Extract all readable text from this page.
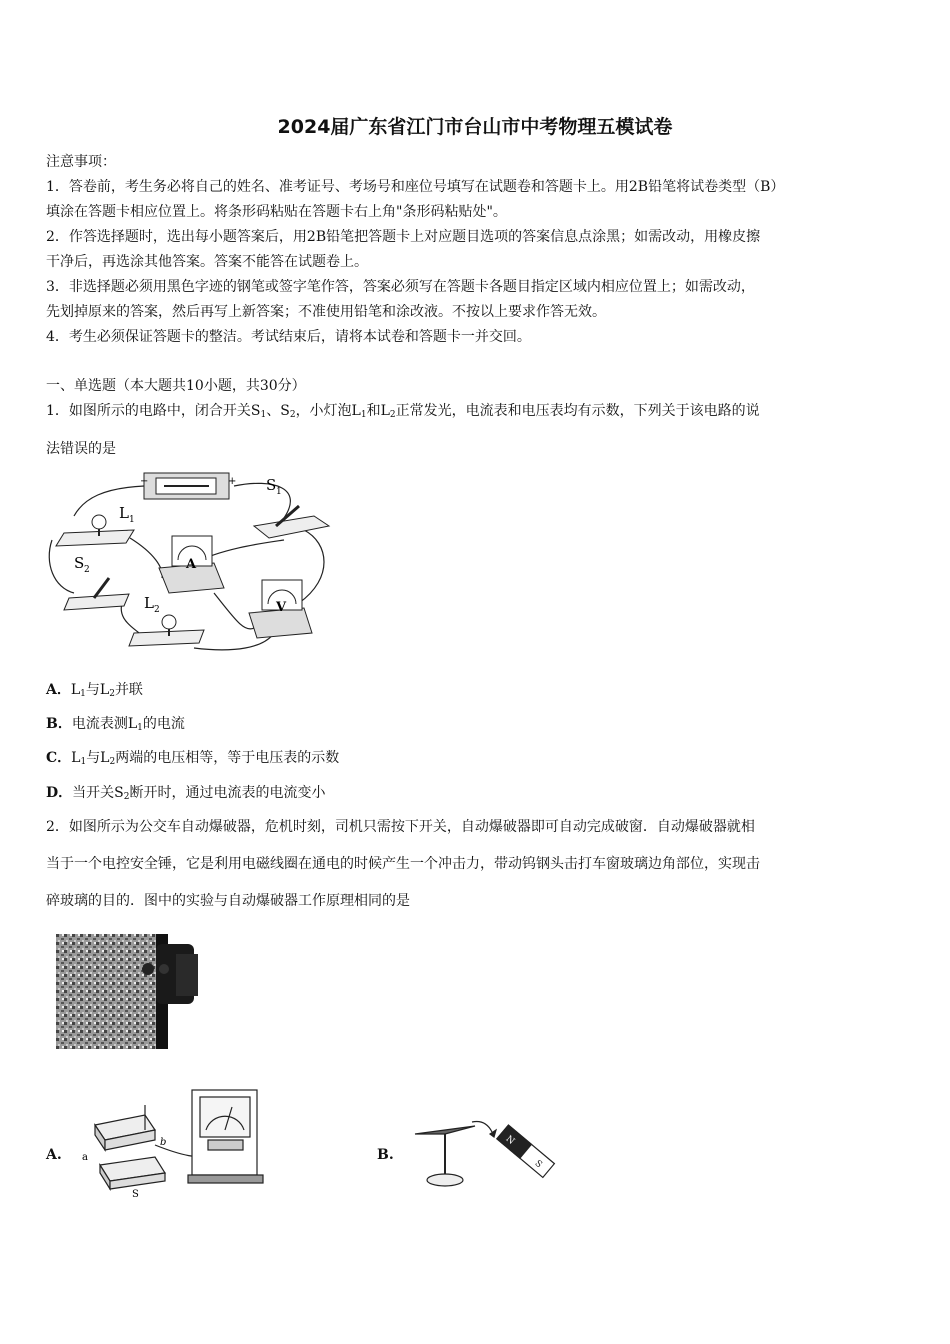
2024届广东省江门市台山市中考物理五模试卷
注意事项：
1．答卷前，考生务必将自己的姓名、准考证号、考场号和座位号填写在试题卷和答题卡上。用2B铅笔将试卷类型（B）
填涂在答题卡相应位置上。将条形码粘贴在答题卡右上角"条形码粘贴处"。
2．作答选择题时，选出每小题答案后，用2B铅笔把答题卡上对应题目选项的答案信息点涂黑；如需改动，用橡皮擦
干净后，再选涂其他答案。答案不能答在试题卷上。
3．非选择题必须用黑色字迹的钢笔或签字笔作答，答案必须写在答题卡各题目指定区域内相应位置上；如需改动，
先划掉原来的答案，然后再写上新答案；不准使用铅笔和涂改液。不按以上要求作答无效。
4．考生必须保证答题卡的整洁。考试结束后，请将本试卷和答题卡一并交回。
一、单选题（本大题共10小题，共30分）
1．如图所示的电路中，闭合开关$S_1$、$S_2$，小灯泡$L_1$和$L_2$正常发光，电流表和电压表均有示数，下列关于该电路的说
法错误的是
−	+ S 1
L 1
S 2	A
L 2	V
A．$L_1$与$L_2$并联
B．电流表测$L_1$的电流
C．$L_1$与$L_2$两端的电压相等，等于电压表的示数
D．当开关$S_2$断开时，通过电流表的电流变小
2．如图所示为公交车自动爆破器，危机时刻，司机只需按下开关，自动爆破器即可自动完成破窗．自动爆破器就相
当于一个电控安全锤，它是利用电磁线圈在通电的时候产生一个冲击力，带动钨钢头击打车窗玻璃边角部位，实现击
碎玻璃的目的．图中的实验与自动爆破器工作原理相同的是
A. a
b
S
B.
N
S
